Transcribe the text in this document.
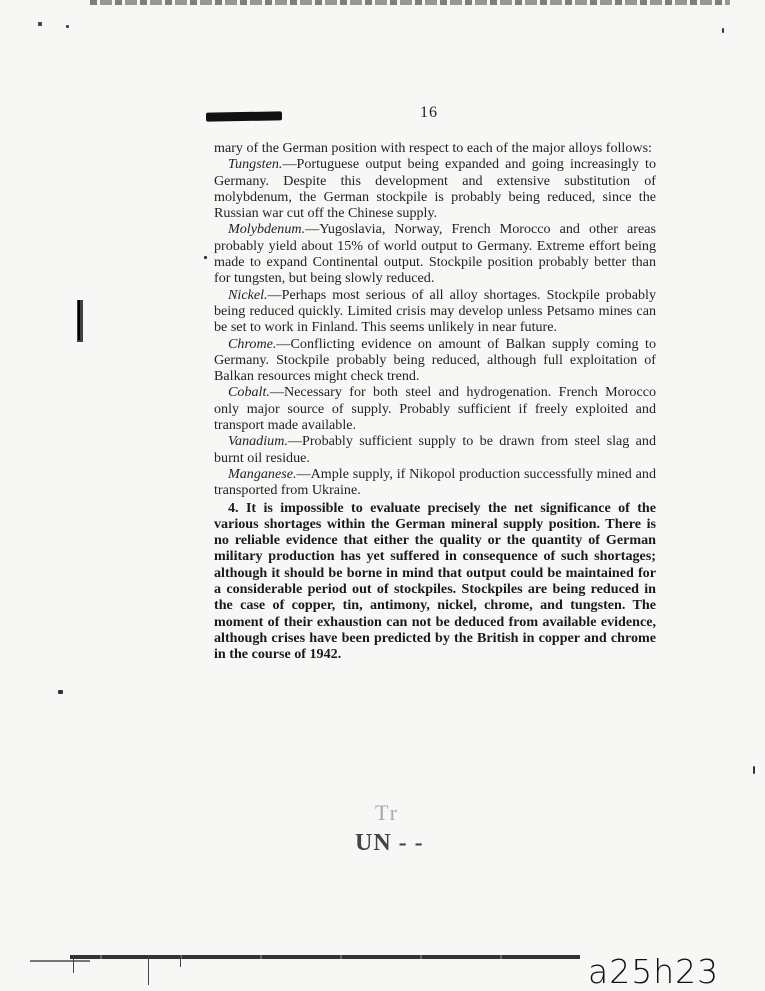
16

mary of the German position with respect to each of the major alloys follows:

Tungsten.—Portuguese output being expanded and going increasingly to Germany. Despite this development and extensive substitution of molybdenum, the German stockpile is probably being reduced, since the Russian war cut off the Chinese supply.

Molybdenum.—Yugoslavia, Norway, French Morocco and other areas probably yield about 15% of world output to Germany. Extreme effort being made to expand Continental output. Stockpile position probably better than for tungsten, but being slowly reduced.

Nickel.—Perhaps most serious of all alloy shortages. Stockpile probably being reduced quickly. Limited crisis may develop unless Petsamo mines can be set to work in Finland. This seems unlikely in near future.

Chrome.—Conflicting evidence on amount of Balkan supply coming to Germany. Stockpile probably being reduced, although full exploitation of Balkan resources might check trend.

Cobalt.—Necessary for both steel and hydrogenation. French Morocco only major source of supply. Probably sufficient if freely exploited and transport made available.

Vanadium.—Probably sufficient supply to be drawn from steel slag and burnt oil residue.

Manganese.—Ample supply, if Nikopol production successfully mined and transported from Ukraine.

4. It is impossible to evaluate precisely the net significance of the various shortages within the German mineral supply position. There is no reliable evidence that either the quality or the quantity of German military production has yet suffered in consequence of such shortages; although it should be borne in mind that output could be maintained for a considerable period out of stockpiles. Stockpiles are being reduced in the case of copper, tin, antimony, nickel, chrome, and tungsten. The moment of their exhaustion can not be deduced from available evidence, although crises have been predicted by the British in copper and chrome in the course of 1942.

Tr
UN - -
a25h23
